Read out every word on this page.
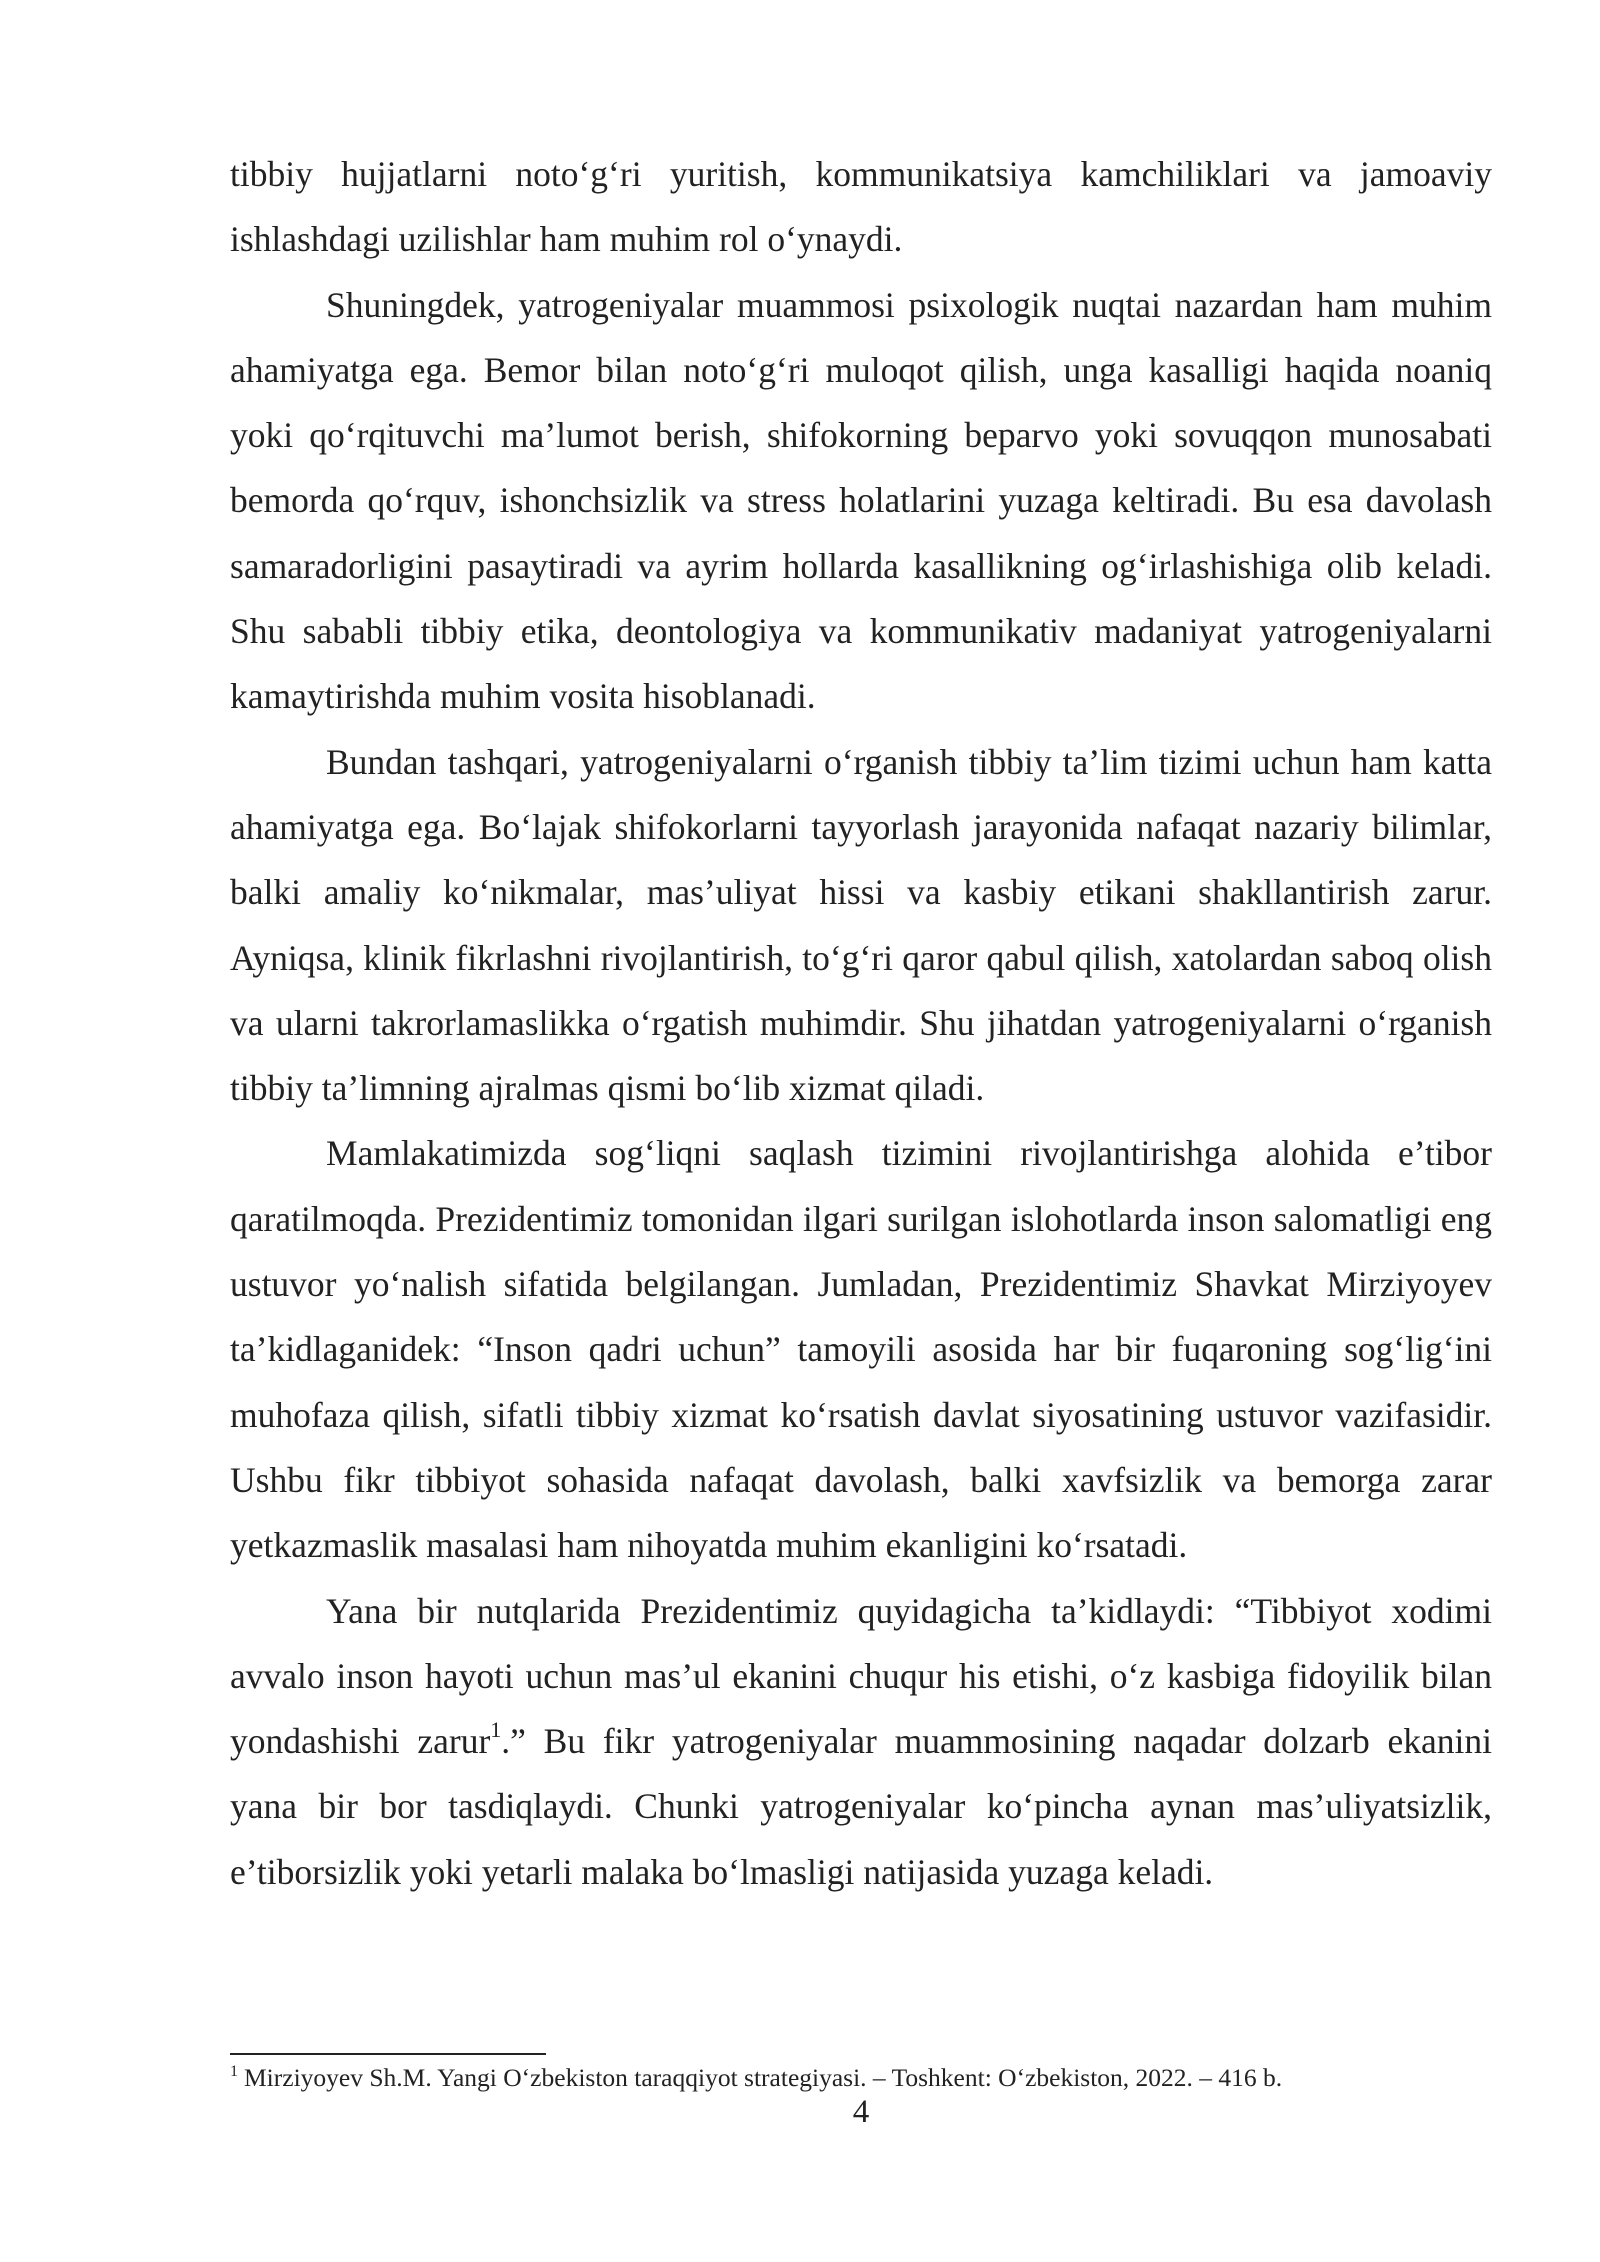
tibbiy hujjatlarni noto‘g‘ri yuritish, kommunikatsiya kamchiliklari va jamoaviy ishlashdagi uzilishlar ham muhim rol o‘ynaydi.

Shuningdek, yatrogeniyalar muammosi psixologik nuqtai nazardan ham muhim ahamiyatga ega. Bemor bilan noto‘g‘ri muloqot qilish, unga kasalligi haqida noaniq yoki qo‘rqituvchi ma’lumot berish, shifokorning beparvo yoki sovuqqon munosabati bemorda qo‘rquv, ishonchsizlik va stress holatlarini yuzaga keltiradi. Bu esa davolash samaradorligini pasaytiradi va ayrim hollarda kasallikning og‘irlashishiga olib keladi. Shu sababli tibbiy etika, deontologiya va kommunikativ madaniyat yatrogeniyalarni kamaytirishda muhim vosita hisoblanadi.

Bundan tashqari, yatrogeniyalarni o‘rganish tibbiy ta’lim tizimi uchun ham katta ahamiyatga ega. Bo‘lajak shifokorlarni tayyorlash jarayonida nafaqat nazariy bilimlar, balki amaliy ko‘nikmalar, mas’uliyat hissi va kasbiy etikani shakllantirish zarur. Ayniqsa, klinik fikrlashni rivojlantirish, to‘g‘ri qaror qabul qilish, xatolardan saboq olish va ularni takrorlamaslikka o‘rgatish muhimdir. Shu jihatdan yatrogeniyalarni o‘rganish tibbiy ta’limning ajralmas qismi bo‘lib xizmat qiladi.

Mamlakatimizda sog‘liqni saqlash tizimini rivojlantirishga alohida e’tibor qaratilmoqda. Prezidentimiz tomonidan ilgari surilgan islohotlarda inson salomatligi eng ustuvor yo‘nalish sifatida belgilangan. Jumladan, Prezidentimiz Shavkat Mirziyoyev ta’kidlaganidek: “Inson qadri uchun” tamoyili asosida har bir fuqaroning sog‘lig‘ini muhofaza qilish, sifatli tibbiy xizmat ko‘rsatish davlat siyosatining ustuvor vazifasidir. Ushbu fikr tibbiyot sohasida nafaqat davolash, balki xavfsizlik va bemorga zarar yetkazmaslik masalasi ham nihoyatda muhim ekanligini ko‘rsatadi.

Yana bir nutqlarida Prezidentimiz quyidagicha ta’kidlaydi: “Tibbiyot xodimi avvalo inson hayoti uchun mas’ul ekanini chuqur his etishi, o‘z kasbiga fidoyilik bilan yondashishi zarur$^1$.” Bu fikr yatrogeniyalar muammosining naqadar dolzarb ekanini yana bir bor tasdiqlaydi. Chunki yatrogeniyalar ko‘pincha aynan mas’uliyatsizlik, e’tiborsizlik yoki yetarli malaka bo‘lmasligi natijasida yuzaga keladi.

$^1$ Mirziyoyev Sh.M. Yangi O‘zbekiston taraqqiyot strategiyasi. – Toshkent: O‘zbekiston, 2022. – 416 b.
4
